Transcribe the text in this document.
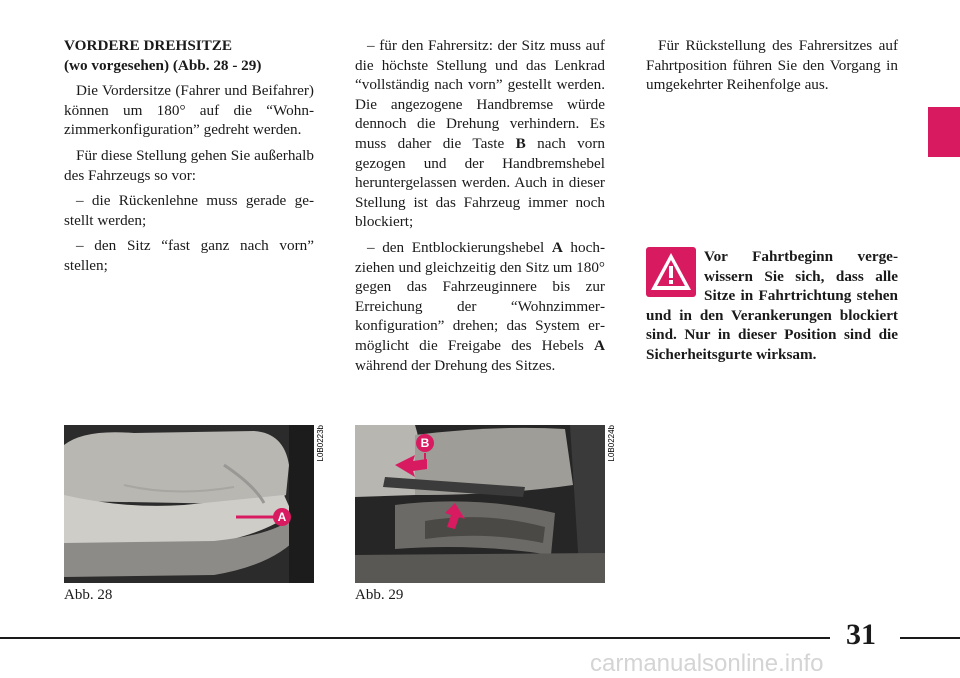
VORDERE DREHSITZE
(wo vorgesehen) (Abb. 28 - 29)

Die Vordersitze (Fahrer und Beifahrer) können um 180° auf die “Wohnzimmerkonfiguration” gedreht werden.

Für diese Stellung gehen Sie außerhalb des Fahrzeugs so vor:

– die Rückenlehne muss gerade gestellt werden;

– den Sitz “fast ganz nach vorn” stellen;

– für den Fahrersitz: der Sitz muss auf die höchste Stellung und das Lenkrad “vollständig nach vorn” gestellt werden. Die angezogene Handbremse würde dennoch die Drehung verhindern. Es muss daher die Taste B nach vorn gezogen und der Handbremshebel heruntergelassen werden. Auch in dieser Stellung ist das Fahrzeug immer noch blockiert;

– den Entblockierungshebel A hochziehen und gleichzeitig den Sitz um 180° gegen das Fahrzeuginnere bis zur Erreichung der “Wohnzimmerkonfiguration” drehen; das System ermöglicht die Freigabe des Hebels A während der Drehung des Sitzes.

Für Rückstellung des Fahrersitzes auf Fahrtposition führen Sie den Vorgang in umgekehrter Reihenfolge aus.

Vor Fahrtbeginn vergewissern Sie sich, dass alle Sitze in Fahrtrichtung stehen und in den Verankerungen blockiert sind. Nur in dieser Position sind die Sicherheitsgurte wirksam.
A
L0B0223b
Abb. 28
B	L0B0224b
Abb. 29
31
carmanualsonline.info
